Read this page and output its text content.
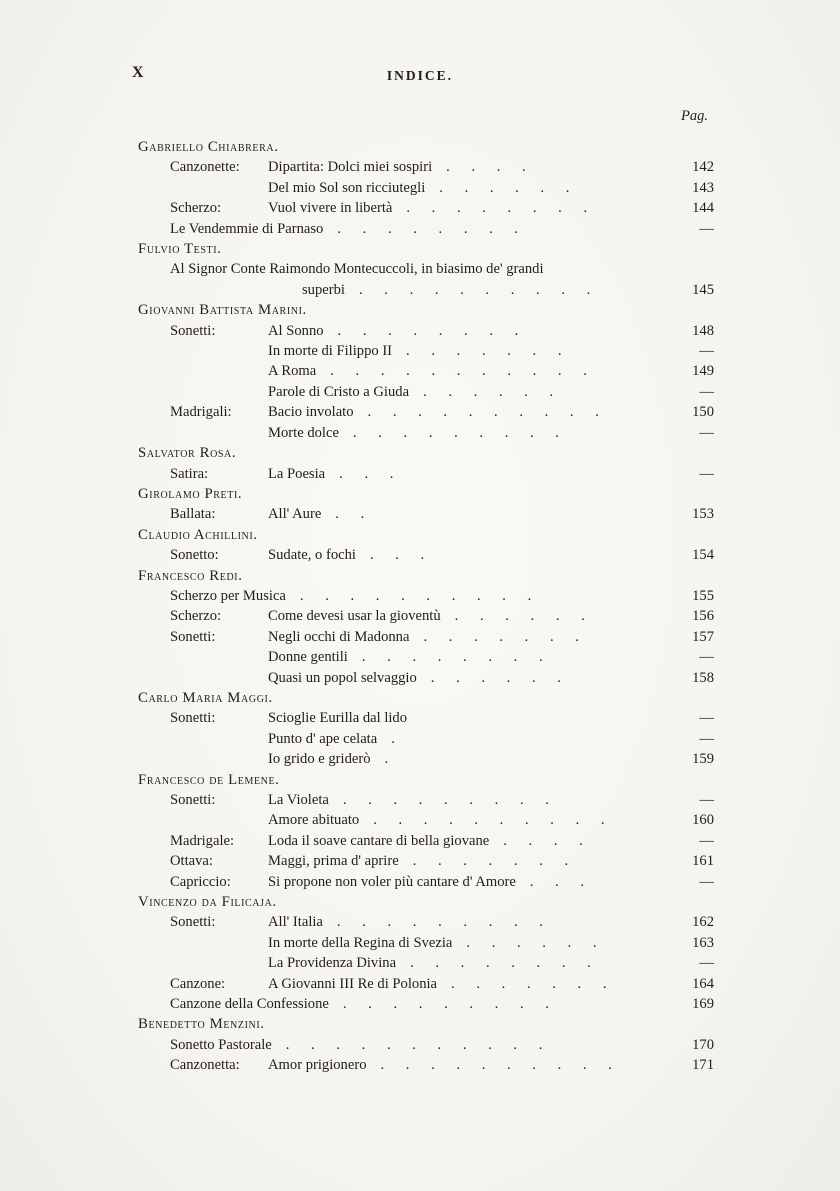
X	INDICE.
Pag.
Gabriello Chiabrera.
Canzonette:	Dipartita: Dolci miei sospiri . . . .	142
Del mio Sol son ricciutegli . . . . . .	143
Scherzo:	Vuol vivere in libertà . . . . . . . .	144
Le Vendemmie di Parnaso . . . . . . . .	—
Fulvio Testi.
Al Signor Conte Raimondo Montecuccoli, in biasimo de' grandi
superbi . . . . . . . . . .	145
Giovanni Battista Marini.
Sonetti:	Al Sonno . . . . . . . .	148
In morte di Filippo II . . . . . . .	—
A Roma . . . . . . . . . . .	149
Parole di Cristo a Giuda . . . . . .	—
Madrigali:	Bacio involato . . . . . . . . . .	150
Morte dolce . . . . . . . . .	—
Salvator Rosa.
Satira:	La Poesia . . .	—
Girolamo Preti.
Ballata:	All' Aure . .	153
Claudio Achillini.
Sonetto:	Sudate, o fochi . . .	154
Francesco Redi.
Scherzo per Musica . . . . . . . . . .	155
Scherzo:	Come devesi usar la gioventù . . . . . .	156
Sonetti:	Negli occhi di Madonna . . . . . . .	157
Donne gentili . . . . . . . .	—
Quasi un popol selvaggio . . . . . .	158
Carlo Maria Maggi.
Sonetti:	Scioglie Eurilla dal lido	—
Punto d' ape celata .	—
Io grido e griderò .	159
Francesco de Lemene.
Sonetti:	La Violeta . . . . . . . . .	—
Amore abituato . . . . . . . . . .	160
Madrigale:	Loda il soave cantare di bella giovane . . . .	—
Ottava:	Maggi, prima d' aprire . . . . . . .	161
Capriccio:	Si propone non voler più cantare d' Amore . . .	—
Vincenzo da Filicaja.
Sonetti:	All' Italia . . . . . . . . .	162
In morte della Regina di Svezia . . . . . .	163
La Providenza Divina . . . . . . . .	—
Canzone:	A Giovanni III Re di Polonia . . . . . . .	164
Canzone della Confessione . . . . . . . . .	169
Benedetto Menzini.
Sonetto Pastorale . . . . . . . . . . .	170
Canzonetta:	Amor prigionero . . . . . . . . . .	171
